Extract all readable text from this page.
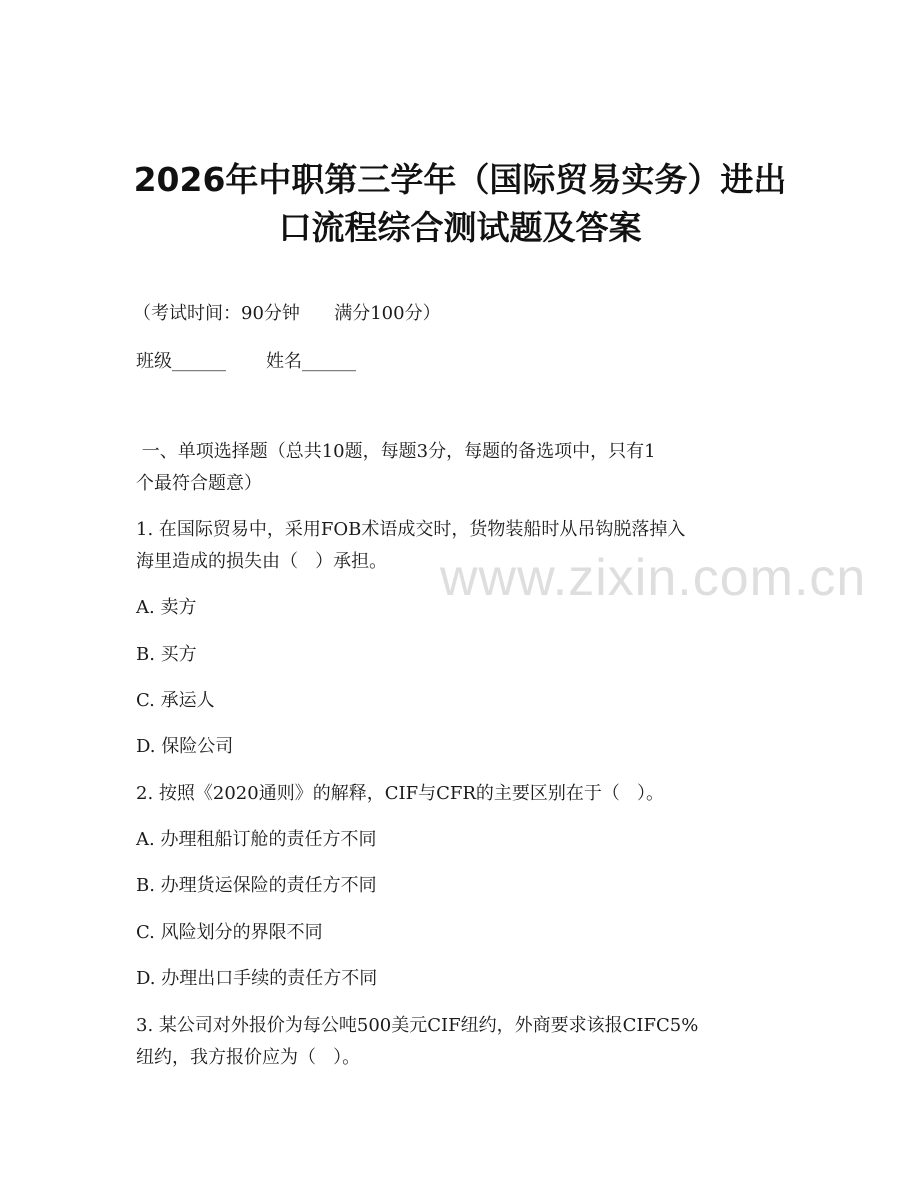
2026年中职第三学年（国际贸易实务）进出
口流程综合测试题及答案
（考试时间：90分钟      满分100分）
班级______       姓名______
一、单项选择题（总共10题，每题3分，每题的备选项中，只有1
个最符合题意）
1. 在国际贸易中，采用FOB术语成交时，货物装船时从吊钩脱落掉入
海里造成的损失由（   ）承担。
A. 卖方
B. 买方
C. 承运人
D. 保险公司
2. 按照《2020通则》的解释，CIF与CFR的主要区别在于（   ）。
A. 办理租船订舱的责任方不同
B. 办理货运保险的责任方不同
C. 风险划分的界限不同
D. 办理出口手续的责任方不同
3. 某公司对外报价为每公吨500美元CIF纽约，外商要求该报CIFC5%
纽约，我方报价应为（   ）。
www.zixin.com.cn
